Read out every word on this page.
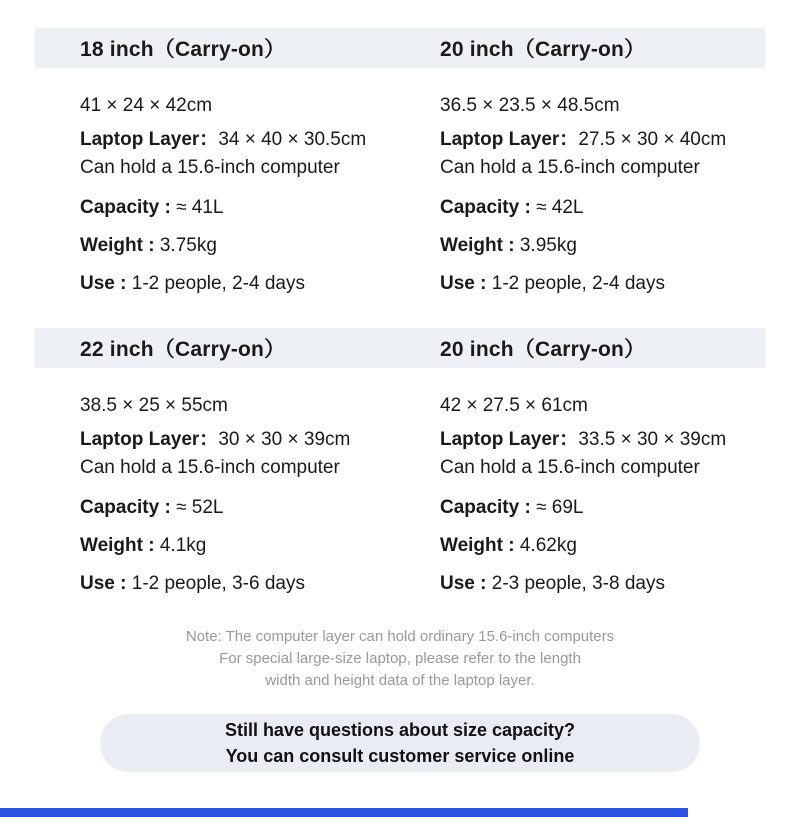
18 inch（Carry-on）	20 inch（Carry-on）

41 × 24 × 42cm

Laptop Layer：34 × 40 × 30.5cm

Can hold a 15.6-inch computer

Capacity : ≈ 41L

Weight : 3.75kg

Use : 1-2 people, 2-4 days

36.5 × 23.5 × 48.5cm

Laptop Layer：27.5 × 30 × 40cm

Can hold a 15.6-inch computer

Capacity : ≈ 42L

Weight : 3.95kg

Use : 1-2 people, 2-4 days

22 inch（Carry-on）	20 inch（Carry-on）

38.5 × 25 × 55cm

Laptop Layer：30 × 30 × 39cm

Can hold a 15.6-inch computer

Capacity : ≈ 52L

Weight : 4.1kg

Use : 1-2 people, 3-6 days

42 × 27.5 × 61cm

Laptop Layer：33.5 × 30 × 39cm

Can hold a 15.6-inch computer

Capacity : ≈ 69L

Weight : 4.62kg

Use : 2-3 people, 3-8 days

Note: The computer layer can hold ordinary 15.6-inch computers
For special large-size laptop, please refer to the length
width and height data of the laptop layer.
Still have questions about size capacity?
You can consult customer service online
